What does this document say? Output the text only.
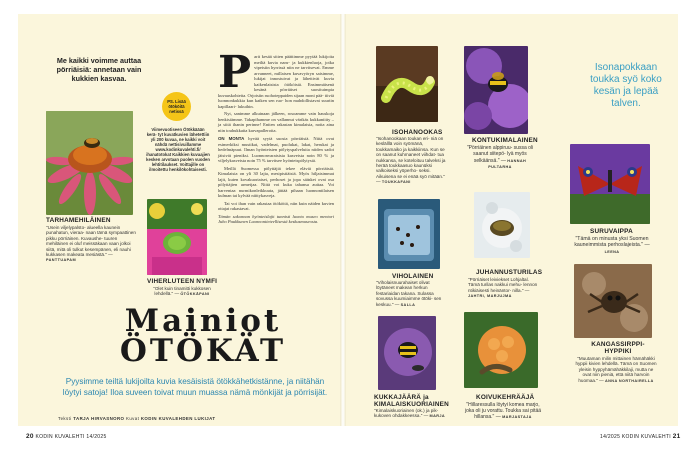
Me kaikki voimme auttaa pörriäisiä: annetaan vain kukkien kasvaa.
PS. Lisää
ötököitä
netissä
Viimevuotiseen Ötökkäään kerä- tyt kuvatkuvien lähetettiin yli 200 kuvaa, ne kaikki voit nähdä nettisivuillamme www.kodinkuvalehti.fi/ ihanatotokat Kaikkien kuvaajien kesken arvotaan puolen vuoden lehtitilaukset. Voittajille on ilmoitettu henkilökohtaisesti.
TARHAMEHILÄINEN
"Usein viljelypalsto- alueella kaunein punahatun, vieraa- naan tämä sympaattinen pikku pörriäinen. Kuvaushe- tuuren mehiläinen ei oluf meissäkaan vaan jolkoi siitä, mitä oli tulkut kesempänen, eli nauhi kukkasen makeata mesiästä." — PANTTUAPAM
VIHERLUTEEN NYMFI
"Olet kuin tinamitti kukkosen lehdellä." — ÖTÖKKÄPANI
Parit kesää sitten päättimme pyytää lukijoita meiltä kuvia naru- ja kukkienluoja, jotka vipeisiin hyrrissä niin ne tarvitsevat. Emme arvanneet, millaisen kuvavyöryn saisimme, lukijat innostuivat ja lähettivät kuvia kaikenlaisista ötököistä. Ensimmäisenä kesänä pörriäiset suosituimpia kuvauskohteita. Orjoisiin ruohoteppaiden sijaan moni pää- tiiviä luonnonkukkia kun kaiken sen ruo- hon mahdollistavat suuriin kapillaari- lukuihin.
Nyt, sanimme alkuinaan jälkeen, rosoamme vain hauskoja henkisiämme. Takapihamme on vallannut värikäs kukkaniitty – ja siitä ihanin perinne! Eniten rakastan kimalaisia, noita aina niin touhukkaita karvapalleroita.
ON MONTA hyvää syytä suosia pörriäisiä. Niitä ovat esimerkiksi mustikat, vadelmat, puolukat, lakat, herukat ja hedelmäpuut. Ilman hyönteisten pölytyspalveluita niiden sadot jäisivät pieniksi. Luonnonvaraisista kasveista noin 80 % ja viljelykasveista noin 75 % tarvitsee hyönteispölytystä.
Meillä Suomessa pölyttäjiä tekee eläviä pörriäisiä. Kimalaisia on yli 30 lajia, mesipistiäisiä. Myös hiljaisimmat lajit, kuten kovakuoriaiset, perhoset ja jopa sääsket ovat osa pölyttäjien armeijaa. Niitä voi kuka tahansa auttaa. Voi harventaa nurmikonleikkuuta, jättää pihaan luonnontilaisen kulman tai kylvää niittykasveja.
Tai voi ihan vain rakastaa ötököitä, niin kuin näiden kuvien ottajat rakastavat.
Tämän sakonnan hyönteislajit tunnisti luonto museo mentori Juho Paukkunen Luonnontieteellisestä keskusmuseosta.
Mainiot
ÖTÖKÄT
Pyysimme teiltä lukijoilta kuvia kesäisistä ötökkähetkistänne, ja niitähän löytyi satoja! Iloa suveen toivat muun muassa nämä mönkijät ja pörrisijät.
Teksti TARJA HIRVASNORO Kuvat KODIN KUVALEHDEN LUKIJAT
ISOHANOOKAS
"Isohanookaan toukan eri- niä on keslälllä voin syömänä, toukkamaiko ja kaikkiinsa. Kun se on saanut kuhmaneet viihdat- tua nukkansa, se koteloituu talveksi ja herää toukkaasuo kaunüksi valkoiseksi yöperho- seksi. Aikuisena se ei enää syö mitään." — TOUKKAFANI
KONTUKIMALAINEN
"Pörriäinen alppiruu- sussa oli saanut siitepö- lyä myös selkäänsä." — HANNAH PULTARHA
Isonapokkaan toukka syö koko kesän ja lepää talven.
SURUVAIPPA
"Tämä on minusta yksi Suomen kauneimmista perhoslajeista." — LEENA
VIHOLAINEN
"Viholaisnuurahaiset olivat löytäneet makean herkun festariaidan takana. Sulassa sovussa kuumiaimme ötöki- sen keskuu." — SALLA
JUHANNUSTURILAS
"Pörriäiset leiviekset Lohjaltal. Tämä turilas nakkui mehu- lennon ntikiäisesti heinäntor- nilla." — JAHTRI, MARJUJMA
KUKKAJÄÄRÄ ja KIMALAISKUORIAINEN
"Kimalaiskuoriainen (ok.) ja pik- kukoven ohdakkeessa." — MARJA
KOIVUKEHRÄÄJÄ
"Hillaressulla löytyi komea marjo, joka oli ju vorattu. Toukka sai pitää hillansa." — MARJASTAJA
KANGASSIRPPI-HYPPIKI
"Muutaman milin mittainen hämähäkki hyppii kivien lehdellä. Tämä on Suomen yleisin hyppyhämähäkkilaji, mutta ne ovat niin pieniä, että niitä harvoin huomaa." — ANNA NORTHAIRELLA
20 KODIN KUVALEHTI 14/2025	14/2025 KODIN KUVALEHTI 21
